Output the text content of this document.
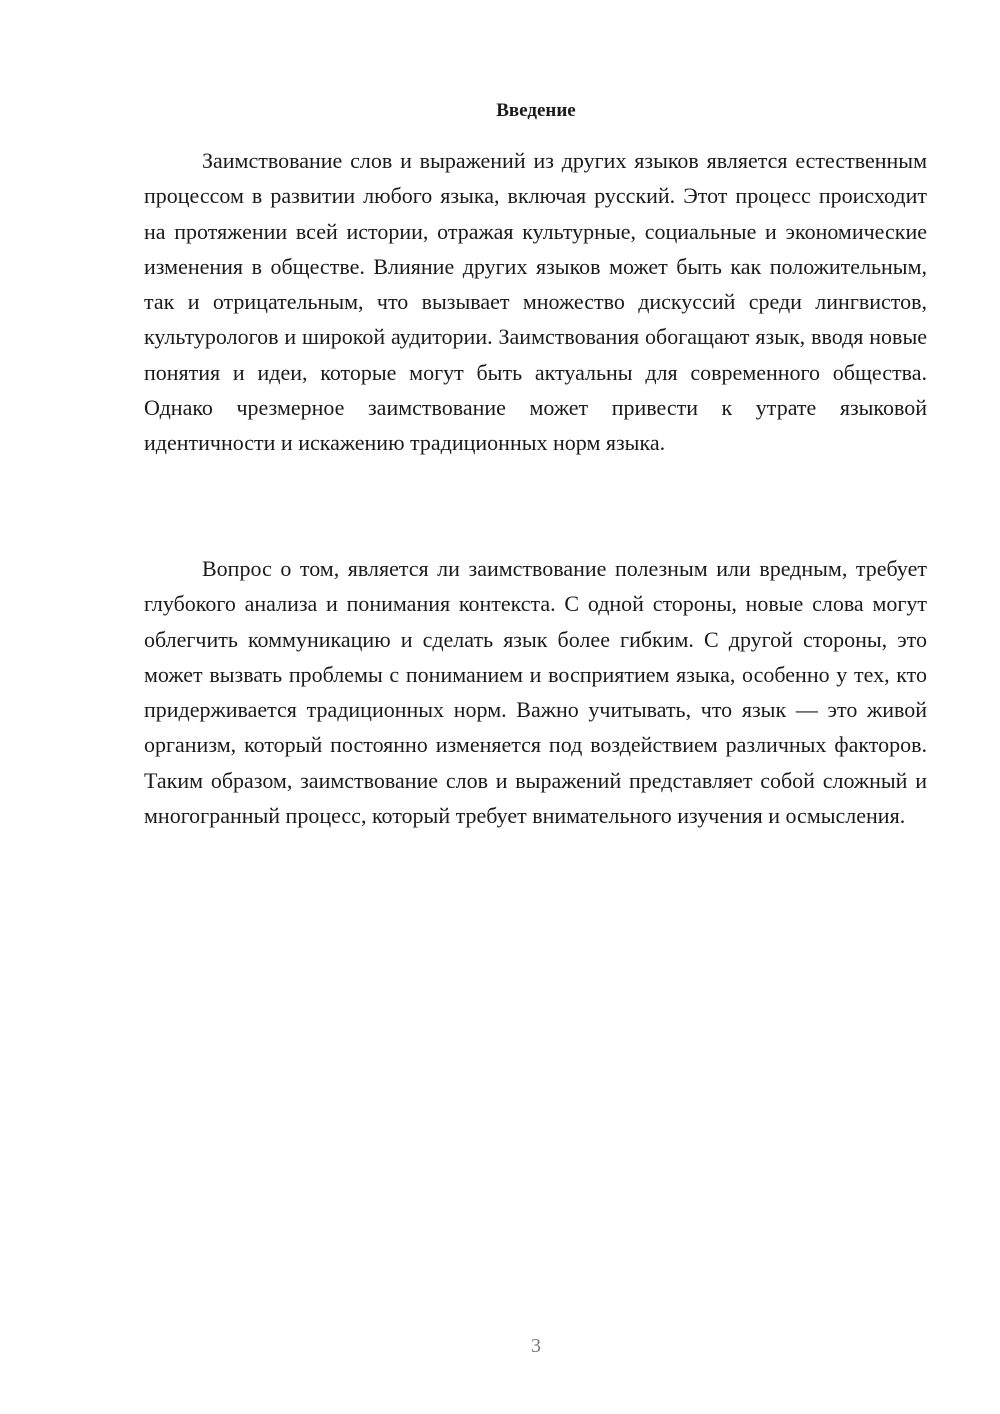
Введение

Заимствование слов и выражений из других языков является естественным процессом в развитии любого языка, включая русский. Этот процесс происходит на протяжении всей истории, отражая культурные, социальные и экономические изменения в обществе. Влияние других языков может быть как положительным, так и отрицательным, что вызывает множество дискуссий среди лингвистов, культурологов и широкой аудитории. Заимствования обогащают язык, вводя новые понятия и идеи, которые могут быть актуальны для современного общества. Однако чрезмерное заимствование может привести к утрате языковой идентичности и искажению традиционных норм языка.

Вопрос о том, является ли заимствование полезным или вредным, требует глубокого анализа и понимания контекста. С одной стороны, новые слова могут облегчить коммуникацию и сделать язык более гибким. С другой стороны, это может вызвать проблемы с пониманием и восприятием языка, особенно у тех, кто придерживается традиционных норм. Важно учитывать, что язык — это живой организм, который постоянно изменяется под воздействием различных факторов. Таким образом, заимствование слов и выражений представляет собой сложный и многогранный процесс, который требует внимательного изучения и осмысления.

3
